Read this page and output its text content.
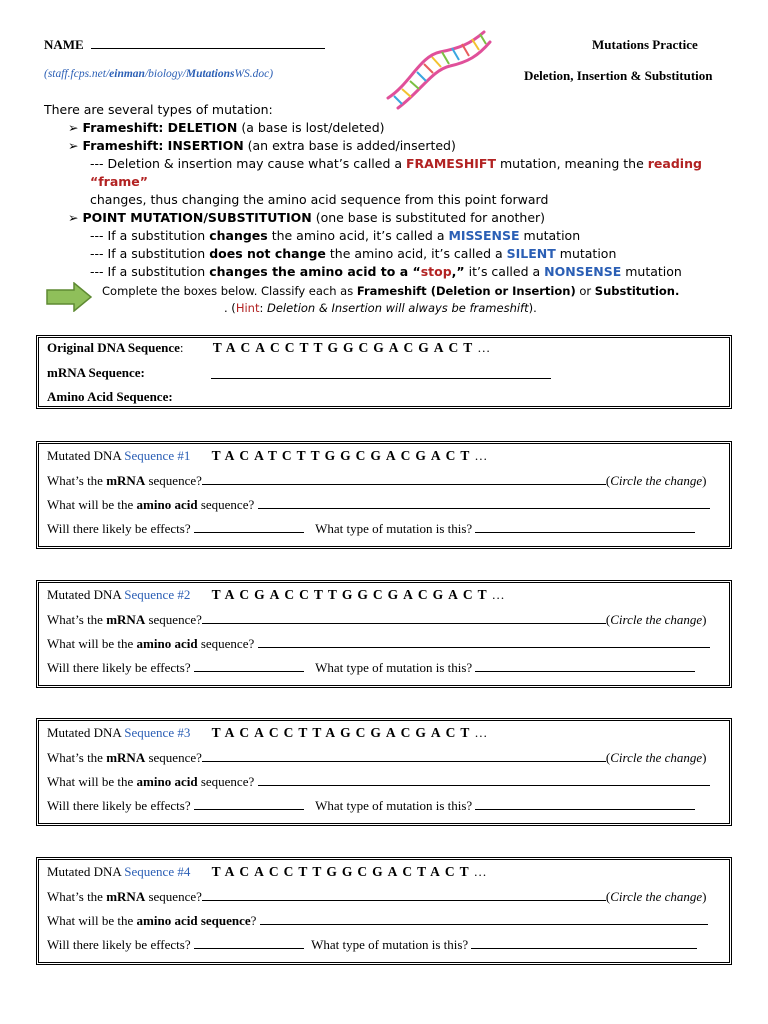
NAME
(staff.fcps.net/einman/biology/MutationsWS.doc)
Mutations Practice
Deletion, Insertion & Substitution
There are several types of mutation:
➢ Frameshift: DELETION (a base is lost/deleted)
➢ Frameshift: INSERTION (an extra base is added/inserted)
--- Deletion & insertion may cause what’s called a FRAMESHIFT mutation, meaning the reading “frame”
changes, thus changing the amino acid sequence from this point forward
➢ POINT MUTATION/SUBSTITUTION (one base is substituted for another)
--- If a substitution changes the amino acid, it’s called a MISSENSE mutation
--- If a substitution does not change the amino acid, it’s called a SILENT mutation
--- If a substitution changes the amino acid to a “stop,” it’s called a NONSENSE mutation
Complete the boxes below. Classify each as Frameshift (Deletion or Insertion) or Substitution.
. (Hint: Deletion & Insertion will always be frameshift).
Original DNA Sequence: TACACCTTGGCGACGACT…
mRNA Sequence:
Amino Acid Sequence:
Mutated DNA Sequence #1 TACATCTTGGCGACGACT…
What’s the mRNA sequence?	(Circle the change)
What will be the amino acid sequence?
Will there likely be effects?	What type of mutation is this?
Mutated DNA Sequence #2 TACGACCTTGGCGACGACT…
What’s the mRNA sequence?	(Circle the change)
What will be the amino acid sequence?
Will there likely be effects?	What type of mutation is this?
Mutated DNA Sequence #3 TACACCTTAGCGACGACT…
What’s the mRNA sequence?	(Circle the change)
What will be the amino acid sequence?
Will there likely be effects?	What type of mutation is this?
Mutated DNA Sequence #4 TACACCTTGGCGACTACT…
What’s the mRNA sequence?	(Circle the change)
What will be the amino acid sequence?
Will there likely be effects?	What type of mutation is this?
